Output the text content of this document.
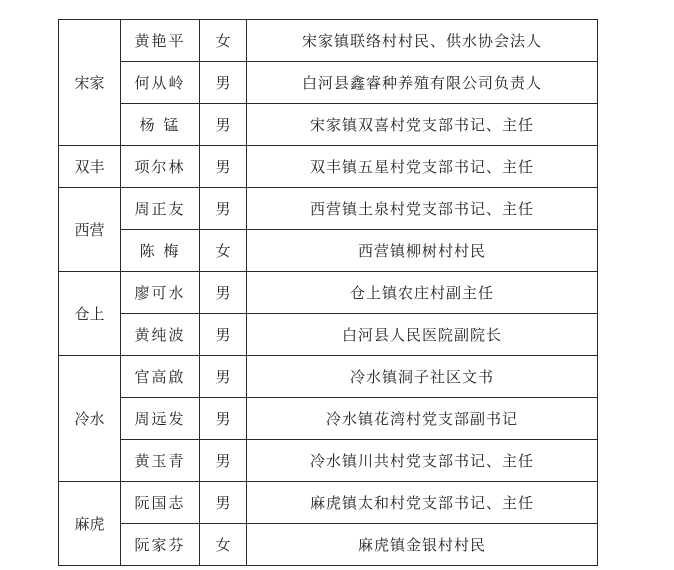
宋家	黄艳平	女	宋家镇联络村村民、供水协会法人
	何从岭	男	白河县鑫睿种养殖有限公司负责人
	杨 锰	男	宋家镇双喜村党支部书记、主任
双丰	项尔林	男	双丰镇五星村党支部书记、主任
西营	周正友	男	西营镇土泉村党支部书记、主任
	陈 梅	女	西营镇柳树村村民
仓上	廖可水	男	仓上镇农庄村副主任
	黄纯波	男	白河县人民医院副院长
冷水	官高啟	男	冷水镇洞子社区文书
	周远发	男	冷水镇花湾村党支部副书记
	黄玉青	男	冷水镇川共村党支部书记、主任
麻虎	阮国志	男	麻虎镇太和村党支部书记、主任
	阮家芬	女	麻虎镇金银村村民
